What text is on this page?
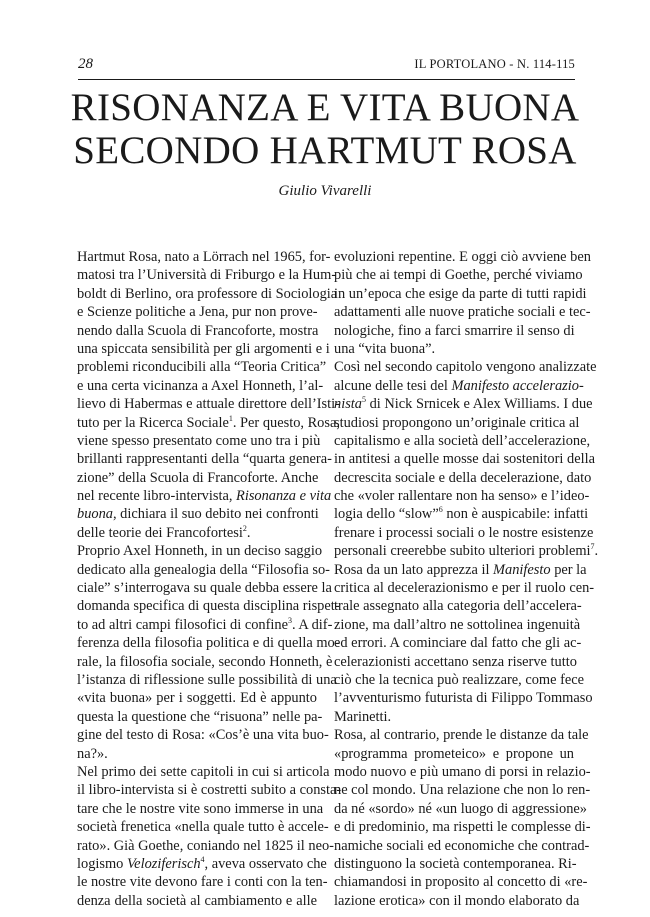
28	IL PORTOLANO - N. 114-115
RISONANZA E VITA BUONA
SECONDO HARTMUT ROSA
Giulio Vivarelli
Hartmut Rosa, nato a Lörrach nel 1965, for-
matosi tra l’Università di Friburgo e la Hum-
boldt di Berlino, ora professore di Sociologia
e Scienze politiche a Jena, pur non prove-
nendo dalla Scuola di Francoforte, mostra
una spiccata sensibilità per gli argomenti e i
problemi riconducibili alla “Teoria Critica”
e una certa vicinanza a Axel Honneth, l’al-
lievo di Habermas e attuale direttore dell’Isti-
tuto per la Ricerca Sociale$^1$. Per questo, Rosa,
viene spesso presentato come uno tra i più
brillanti rappresentanti della “quarta genera-
zione” della Scuola di Francoforte. Anche
nel recente libro-intervista, Risonanza e vita
buona, dichiara il suo debito nei confronti
delle teorie dei Francofortesi$^2$.
Proprio Axel Honneth, in un deciso saggio
dedicato alla genealogia della “Filosofia so-
ciale” s’interrogava su quale debba essere la
domanda specifica di questa disciplina rispet-
to ad altri campi filosofici di confine$^3$. A dif-
ferenza della filosofia politica e di quella mo-
rale, la filosofia sociale, secondo Honneth, è
l’istanza di riflessione sulle possibilità di una
«vita buona» per i soggetti. Ed è appunto
questa la questione che “risuona” nelle pa-
gine del testo di Rosa: «Cos’è una vita buo-
na?».
Nel primo dei sette capitoli in cui si articola
il libro-intervista si è costretti subito a consta-
tare che le nostre vite sono immerse in una
società frenetica «nella quale tutto è accele-
rato». Già Goethe, coniando nel 1825 il neo-
logismo Veloziferisch$^4$, aveva osservato che
le nostre vite devono fare i conti con la ten-
denza della società al cambiamento e alle
evoluzioni repentine. E oggi ciò avviene ben
più che ai tempi di Goethe, perché viviamo
in un’epoca che esige da parte di tutti rapidi
adattamenti alle nuove pratiche sociali e tec-
nologiche, fino a farci smarrire il senso di
una “vita buona”.
Così nel secondo capitolo vengono analizzate
alcune delle tesi del Manifesto accelerazio-
nista$^5$ di Nick Srnicek e Alex Williams. I due
studiosi propongono un’originale critica al
capitalismo e alla società dell’accelerazione,
in antitesi a quelle mosse dai sostenitori della
decrescita sociale e della decelerazione, dato
che «voler rallentare non ha senso» e l’ideo-
logia dello “slow”$^6$ non è auspicabile: infatti
frenare i processi sociali o le nostre esistenze
personali creerebbe subito ulteriori problemi$^7$.
Rosa da un lato apprezza il Manifesto per la
critica al decelerazionismo e per il ruolo cen-
trale assegnato alla categoria dell’accelera-
zione, ma dall’altro ne sottolinea ingenuità
ed errori. A cominciare dal fatto che gli ac-
celerazionisti accettano senza riserve tutto
ciò che la tecnica può realizzare, come fece
l’avventurismo futurista di Filippo Tommaso
Marinetti.
Rosa, al contrario, prende le distanze da tale
«programma prometeico» e propone un
modo nuovo e più umano di porsi in relazio-
ne col mondo. Una relazione che non lo ren-
da né «sordo» né «un luogo di aggressione»
e di predominio, ma rispetti le complesse di-
namiche sociali ed economiche che contrad-
distinguono la società contemporanea. Ri-
chiamandosi in proposito al concetto di «re-
lazione erotica» con il mondo elaborato da
